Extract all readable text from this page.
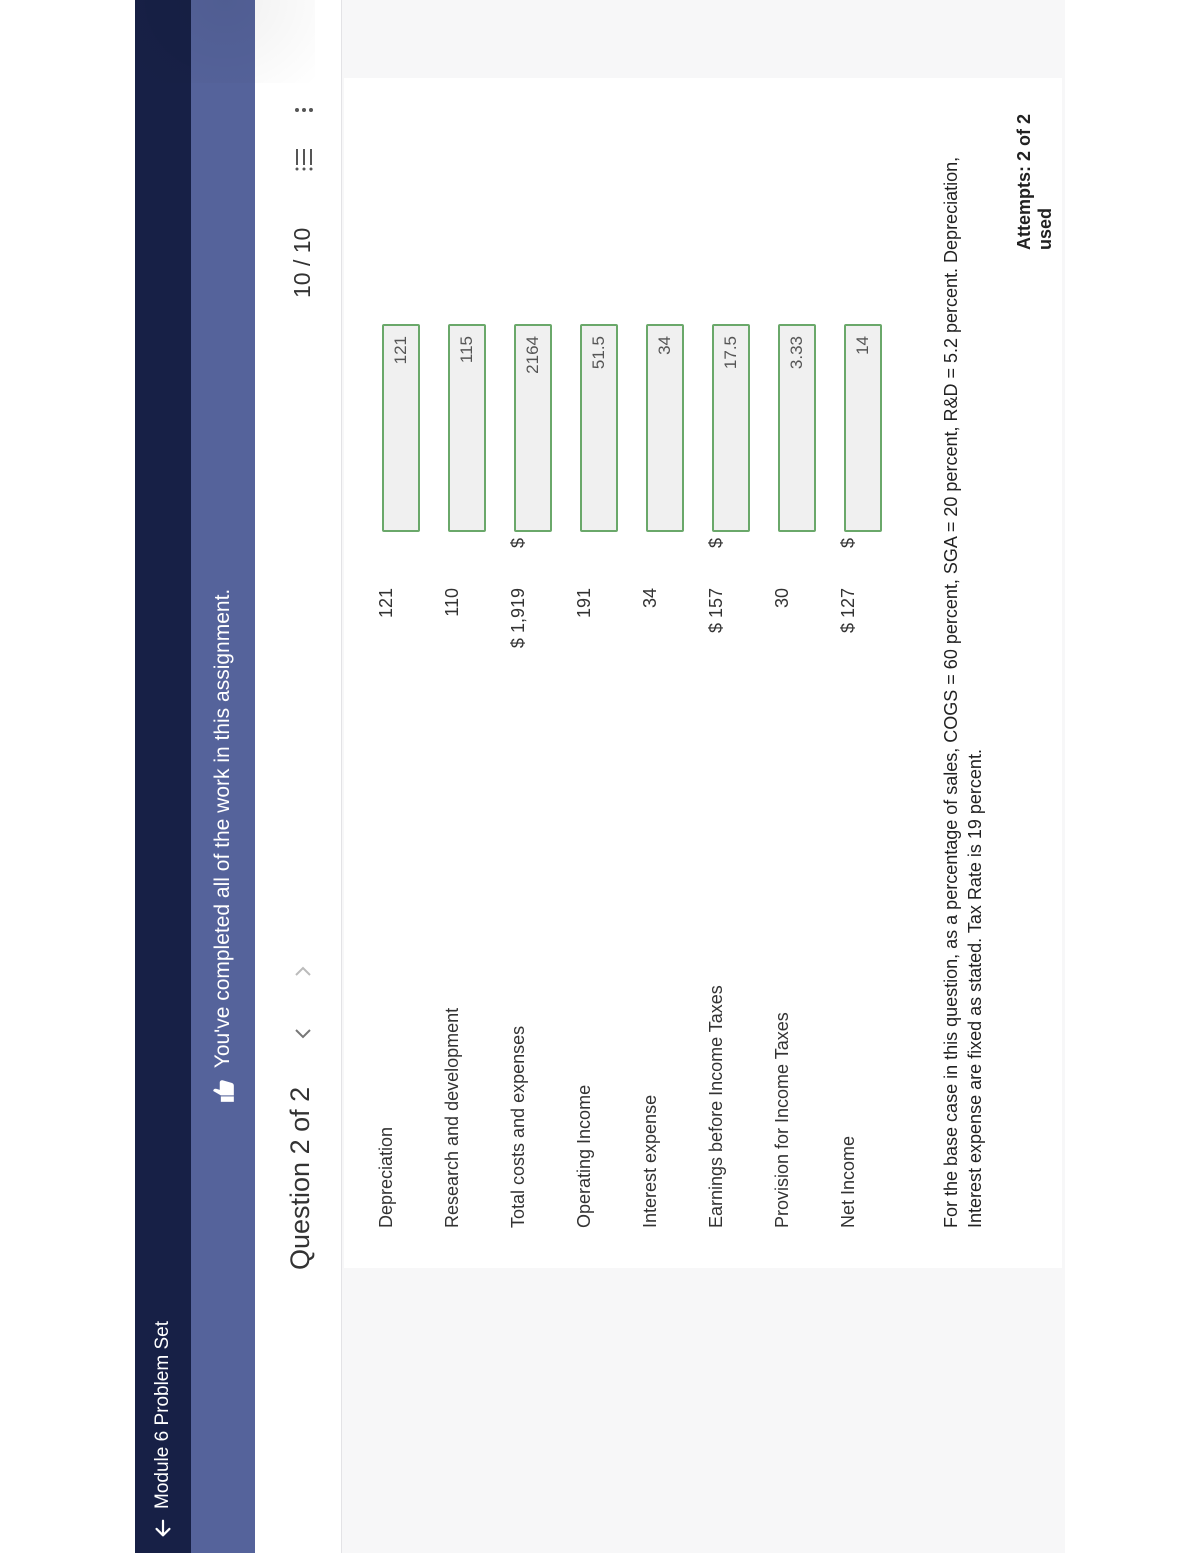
Module 6 Problem Set
You've completed all of the work in this assignment.
Question 2 of 2
10 / 10
Depreciation
121
121
Research and development
110
115
Total costs and expenses
$ 1,919
$
2164
Operating Income
191
51.5
Interest expense
34
34
Earnings before Income Taxes
$ 157
$
17.5
Provision for Income Taxes
30
3.33
Net Income
$ 127
$
14	For the base case in this question, as a percentage of sales, COGS = 60 percent, SGA = 20 percent, R&D = 5.2 percent. Depreciation, Interest expense are fixed as stated. Tax Rate is 19 percent.
Attempts: 2 of 2 used
